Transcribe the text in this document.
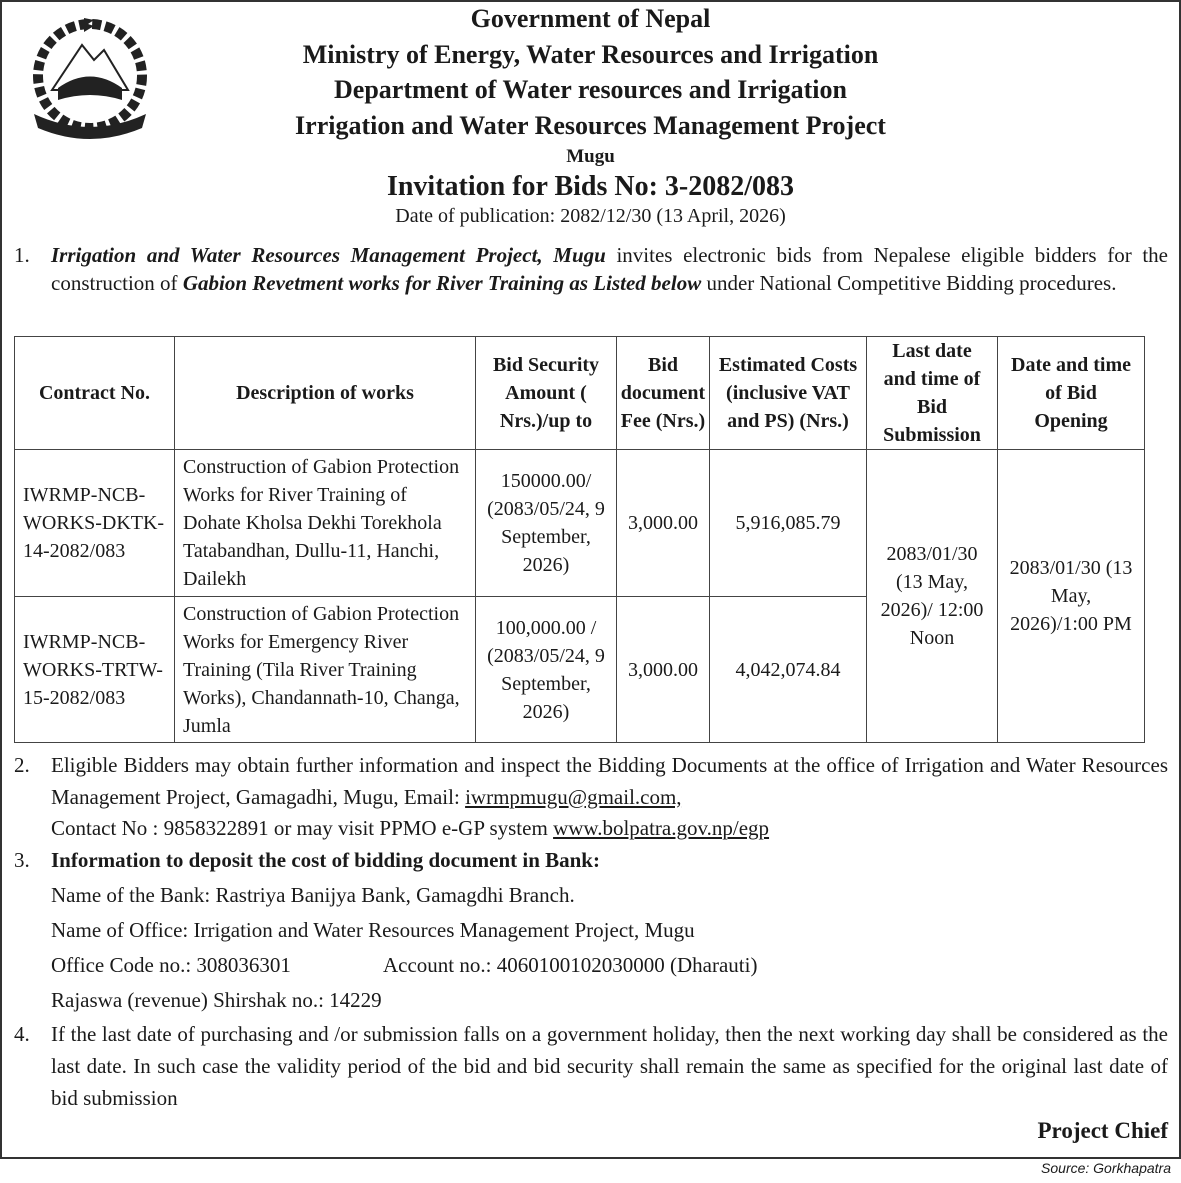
Government of Nepal
Ministry of Energy, Water Resources and Irrigation
Department of Water resources and Irrigation
Irrigation and Water Resources Management Project
Mugu
Invitation for Bids No: 3-2082/083
Date of publication: 2082/12/30 (13 April, 2026)
1. Irrigation and Water Resources Management Project, Mugu invites electronic bids from Nepalese eligible bidders for the construction of Gabion Revetment works for River Training as Listed below under National Competitive Bidding procedures.
Contract No.	Description of works	Bid Security Amount ( Nrs.)/up to	Bid document Fee (Nrs.)	Estimated Costs (inclusive VAT and PS) (Nrs.)	Last date and time of Bid Submission	Date and time of Bid Opening
IWRMP-NCB-WORKS-DKTK-14-2082/083	Construction of Gabion Protection Works for River Training of Dohate Kholsa Dekhi Torekhola Tatabandhan, Dullu-11, Hanchi, Dailekh	150000.00/ (2083/05/24, 9 September, 2026)	3,000.00	5,916,085.79	2083/01/30 (13 May, 2026)/ 12:00 Noon	2083/01/30 (13 May, 2026)/1:00 PM
IWRMP-NCB-WORKS-TRTW-15-2082/083	Construction of Gabion Protection Works for Emergency River Training (Tila River Training Works), Chandannath-10, Changa, Jumla	100,000.00 / (2083/05/24, 9 September, 2026)	3,000.00	4,042,074.84		
2. Eligible Bidders may obtain further information and inspect the Bidding Documents at the office of Irrigation and Water Resources Management Project, Gamagadhi, Mugu, Email: iwrmpmugu@gmail.com,
Contact No : 9858322891 or may visit PPMO e-GP system www.bolpatra.gov.np/egp
3. Information to deposit the cost of bidding document in Bank:
Name of the Bank: Rastriya Banijya Bank, Gamagdhi Branch.
Name of Office: Irrigation and Water Resources Management Project, Mugu
Office Code no.: 308036301	Account no.: 4060100102030000 (Dharauti)
Rajaswa (revenue) Shirshak no.: 14229
4. If the last date of purchasing and /or submission falls on a government holiday, then the next working day shall be considered as the last date. In such case the validity period of the bid and bid security shall remain the same as specified for the original last date of bid submission
Project Chief
Source: Gorkhapatra
